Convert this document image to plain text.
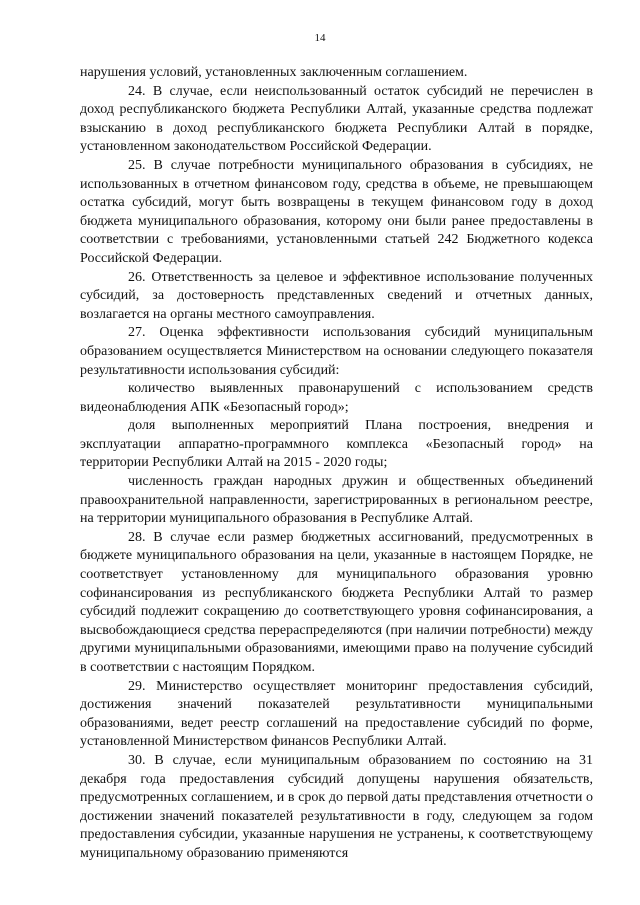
14

нарушения условий, установленных заключенным соглашением.

24. В случае, если неиспользованный остаток субсидий не перечислен в доход республиканского бюджета Республики Алтай, указанные средства подлежат взысканию в доход республиканского бюджета Республики Алтай в порядке, установленном законодательством Российской Федерации.

25. В случае потребности муниципального образования в субсидиях, не использованных в отчетном финансовом году, средства в объеме, не превышающем остатка субсидий, могут быть возвращены в текущем финансовом году в доход бюджета муниципального образования, которому они были ранее предоставлены в соответствии с требованиями, установленными статьей 242 Бюджетного кодекса Российской Федерации.

26. Ответственность за целевое и эффективное использование полученных субсидий, за достоверность представленных сведений и отчетных данных, возлагается на органы местного самоуправления.

27. Оценка эффективности использования субсидий муниципальным образованием осуществляется Министерством на основании следующего показателя результативности использования субсидий:

количество выявленных правонарушений с использованием средств видеонаблюдения АПК «Безопасный город»;

доля выполненных мероприятий Плана построения, внедрения и эксплуатации аппаратно-программного комплекса «Безопасный город» на территории Республики Алтай на 2015 - 2020 годы;

численность граждан народных дружин и общественных объединений правоохранительной направленности, зарегистрированных в региональном реестре, на территории муниципального образования в Республике Алтай.

28. В случае если размер бюджетных ассигнований, предусмотренных в бюджете муниципального образования на цели, указанные в настоящем Порядке, не соответствует установленному для муниципального образования уровню софинансирования из республиканского бюджета Республики Алтай то размер субсидий подлежит сокращению до соответствующего уровня софинансирования, а высвобождающиеся средства перераспределяются (при наличии потребности) между другими муниципальными образованиями, имеющими право на получение субсидий в соответствии с настоящим Порядком.

29. Министерство осуществляет мониторинг предоставления субсидий, достижения значений показателей результативности муниципальными образованиями, ведет реестр соглашений на предоставление субсидий по форме, установленной Министерством финансов Республики Алтай.

30. В случае, если муниципальным образованием по состоянию на 31 декабря года предоставления субсидий допущены нарушения обязательств, предусмотренных соглашением, и в срок до первой даты представления отчетности о достижении значений показателей результативности в году, следующем за годом предоставления субсидии, указанные нарушения не устранены, к соответствующему муниципальному образованию применяются
